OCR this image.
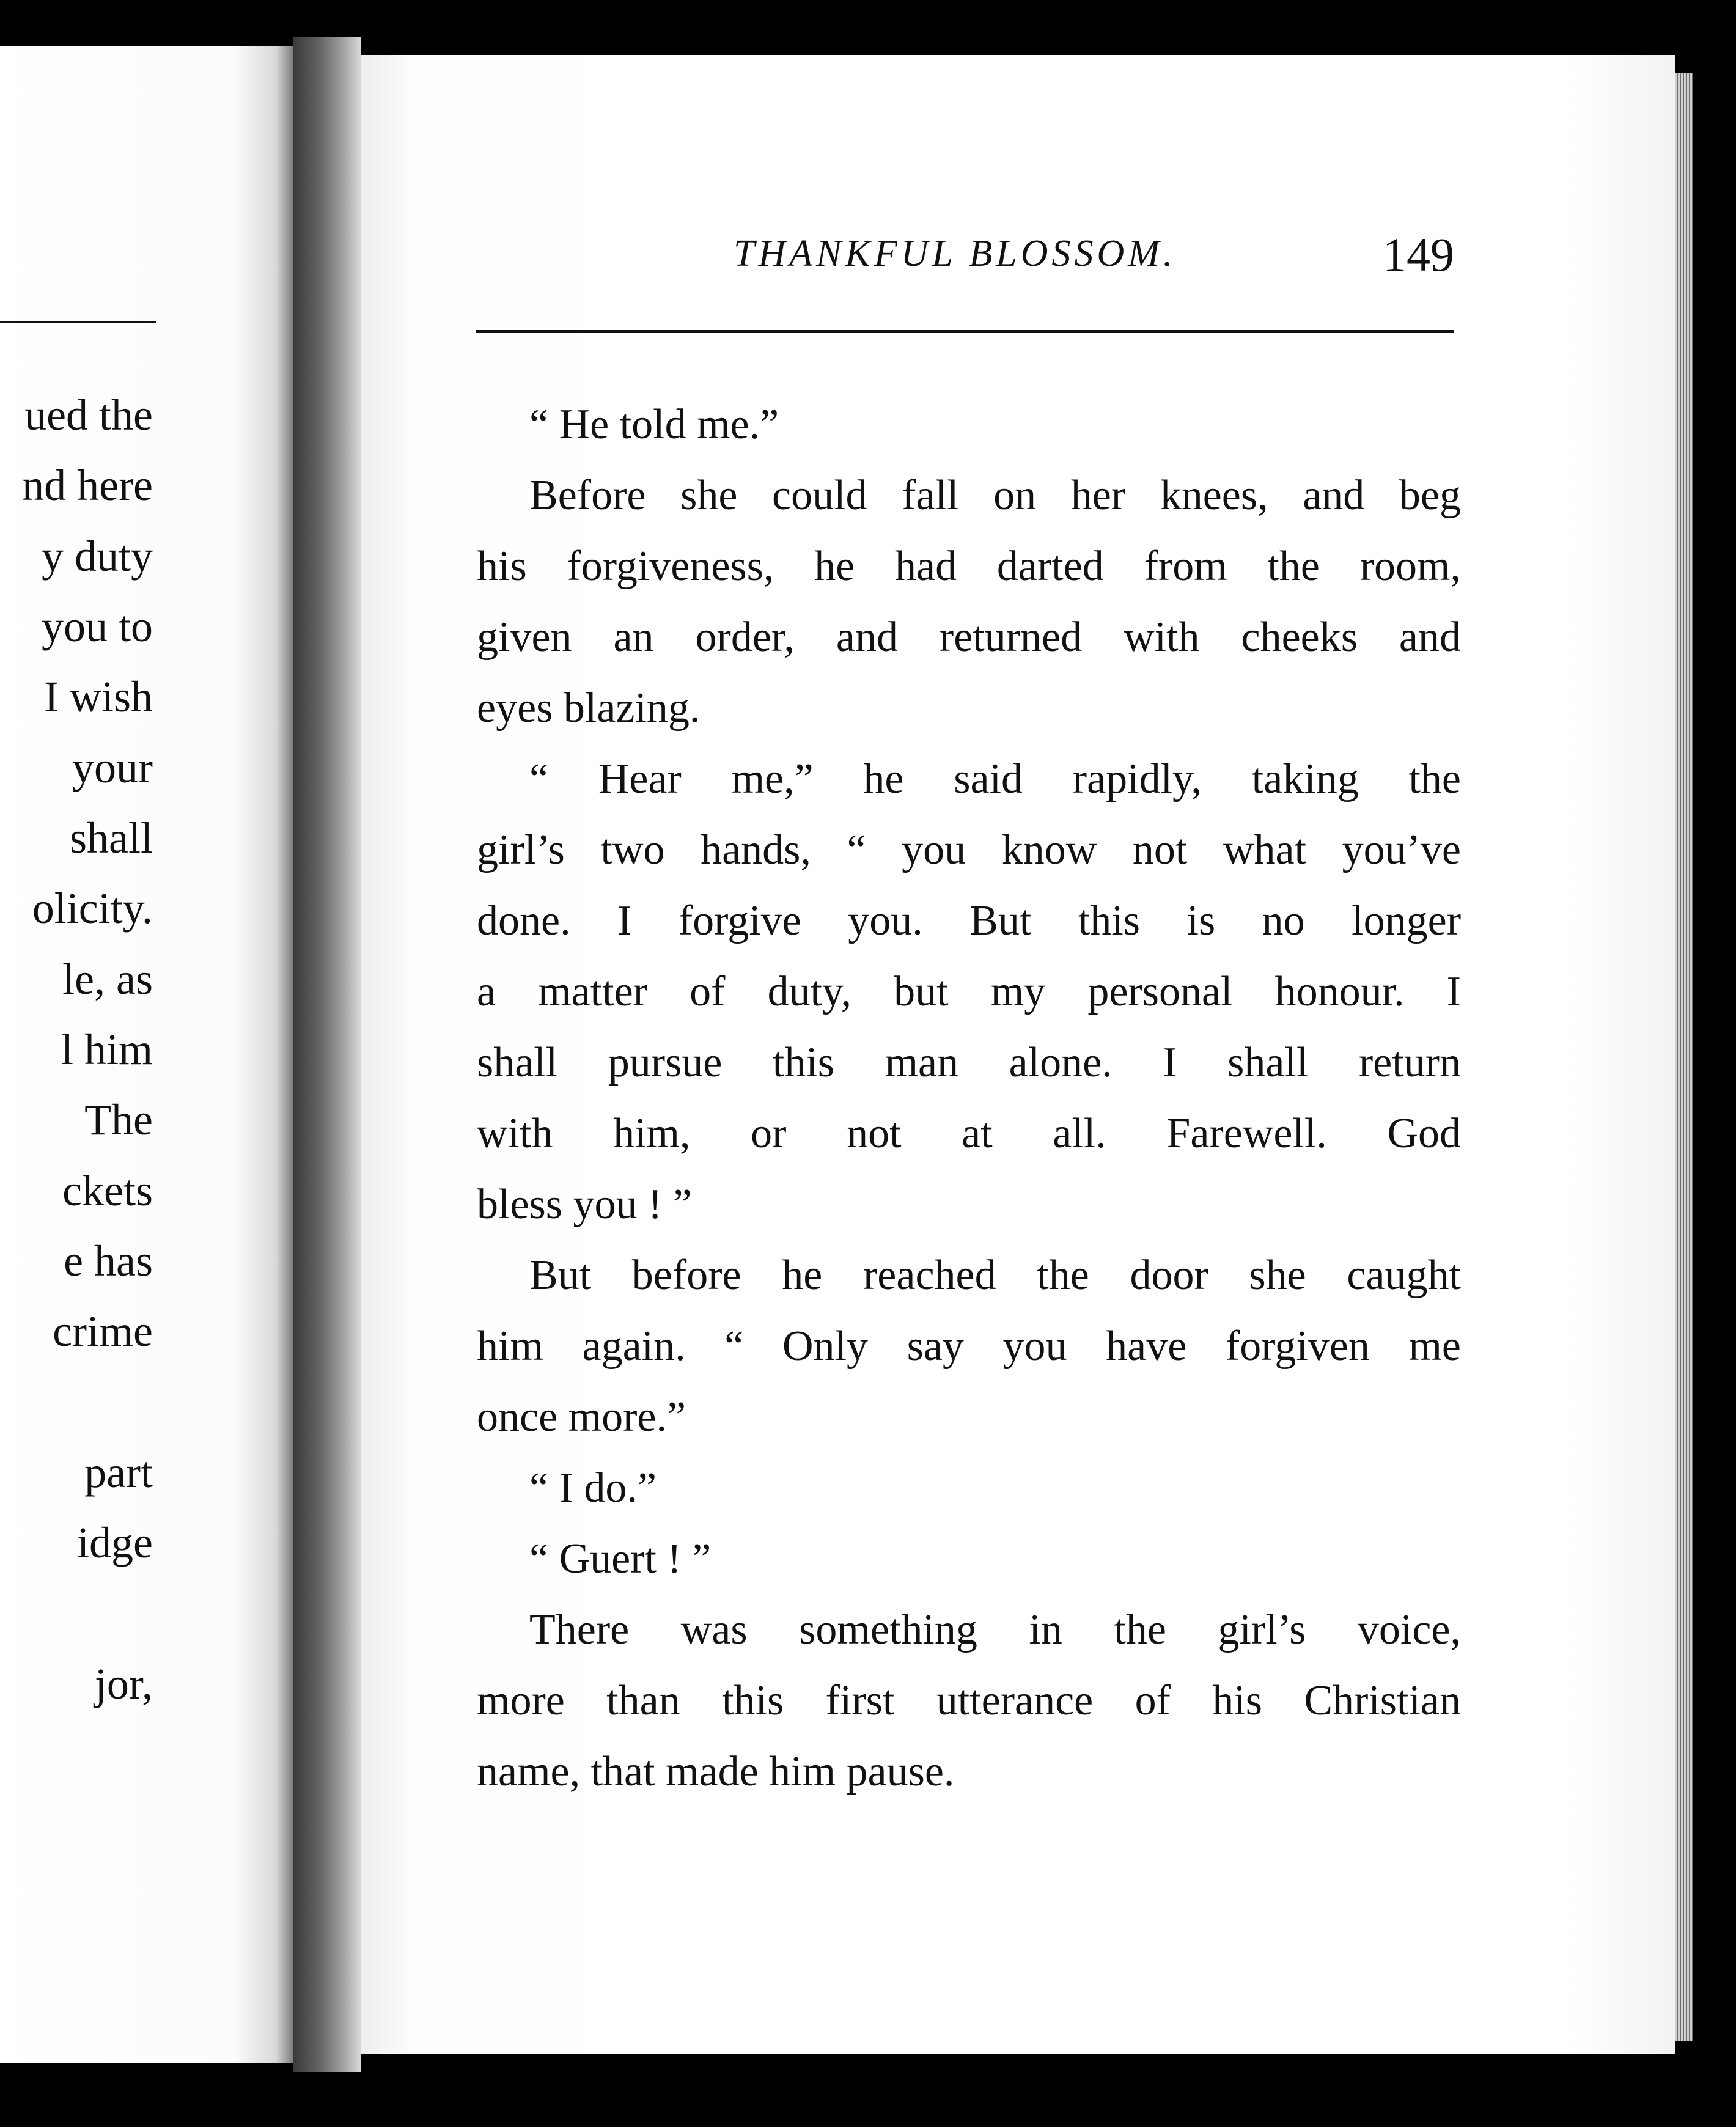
ued the
nd here
y duty
you to
I wish
your
shall
olicity.
le, as
l him
The
ckets
e has
crime
part
idge
jor,
THANKFUL BLOSSOM.	149
“ He told me.”
Before she could fall on her knees, and beg
his forgiveness, he had darted from the room,
given an order, and returned with cheeks and
eyes blazing.
“ Hear me,” he said rapidly, taking the
girl’s two hands, “ you know not what you’ve
done. I forgive you. But this is no longer
a matter of duty, but my personal honour. I
shall pursue this man alone. I shall return
with him, or not at all. Farewell. God
bless you ! ”
But before he reached the door she caught
him again. “ Only say you have forgiven me
once more.”
“ I do.”
“ Guert ! ”
There was something in the girl’s voice,
more than this first utterance of his Christian
name, that made him pause.
